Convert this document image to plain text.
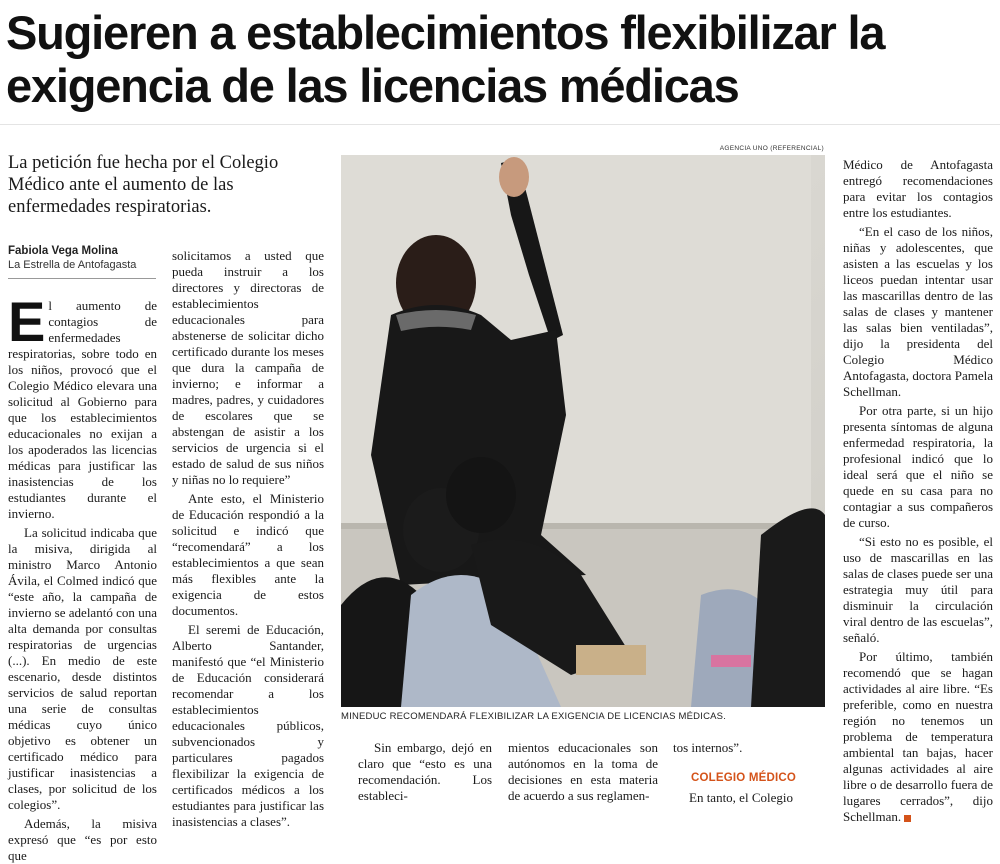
Sugieren a establecimientos flexibilizar la
exigencia de las licencias médicas
La petición fue hecha por el Colegio
Médico ante el aumento de las
enfermedades respiratorias.
Fabiola Vega Molina
La Estrella de Antofagasta

El aumento de contagios de enfermedades respiratorias, sobre todo en los niños, provocó que el Colegio Médico elevara una solicitud al Gobierno para que los establecimientos educacionales no exijan a los apoderados las licencias médicas para justificar las inasistencias de los estudiantes durante el invierno.

La solicitud indicaba que la misiva, dirigida al ministro Marco Antonio Ávila, el Colmed indicó que “este año, la campaña de invierno se adelantó con una alta demanda por consultas respiratorias de urgencias (...). En medio de este escenario, desde distintos servicios de salud reportan una serie de consultas médicas cuyo único objetivo es obtener un certificado médico para justificar inasistencias a clases, por solicitud de los colegios”.

Además, la misiva expresó que “es por esto que

solicitamos a usted que pueda instruir a los directores y directoras de establecimientos educacionales para abstenerse de solicitar dicho certificado durante los meses que dura la campaña de invierno; e informar a madres, padres, y cuidadores de escolares que se abstengan de asistir a los servicios de urgencia si el estado de salud de sus niños y niñas no lo requiere”

Ante esto, el Ministerio de Educación respondió a la solicitud e indicó que “recomendará” a los establecimientos a que sean más flexibles ante la exigencia de estos documentos.

El seremi de Educación, Alberto Santander, manifestó que “el Ministerio de Educación considerará recomendar a los establecimientos educacionales públicos, subvencionados y particulares pagados flexibilizar la exigencia de certificados médicos a los estudiantes para justificar las inasistencias a clases”.

AGENCIA UNO (REFERENCIAL)
MINEDUC RECOMENDARÁ FLEXIBILIZAR LA EXIGENCIA DE LICENCIAS MÉDICAS.

Médico de Antofagasta entregó recomendaciones para evitar los contagios entre los estudiantes.

“En el caso de los niños, niñas y adolescentes, que asisten a las escuelas y los liceos puedan intentar usar las mascarillas dentro de las salas de clases y mantener las salas bien ventiladas”, dijo la presidenta del Colegio Médico Antofagasta, doctora Pamela Schellman.

Por otra parte, si un hijo presenta síntomas de alguna enfermedad respiratoria, la profesional indicó que lo ideal será que el niño se quede en su casa para no contagiar a sus compañeros de curso.

“Si esto no es posible, el uso de mascarillas en las salas de clases puede ser una estrategia muy útil para disminuir la circulación viral dentro de las escuelas”, señaló.

Por último, también recomendó que se hagan actividades al aire libre. “Es preferible, como en nuestra región no tenemos un problema de temperatura ambiental tan bajas, hacer algunas actividades al aire libre o de desarrollo fuera de lugares cerrados”, dijo Schellman.

Sin embargo, dejó en claro que “esto es una recomendación. Los estableci-

mientos educacionales son autónomos en la toma de decisiones en esta materia de acuerdo a sus reglamen-

tos internos”.

COLEGIO MÉDICO

En tanto, el Colegio
